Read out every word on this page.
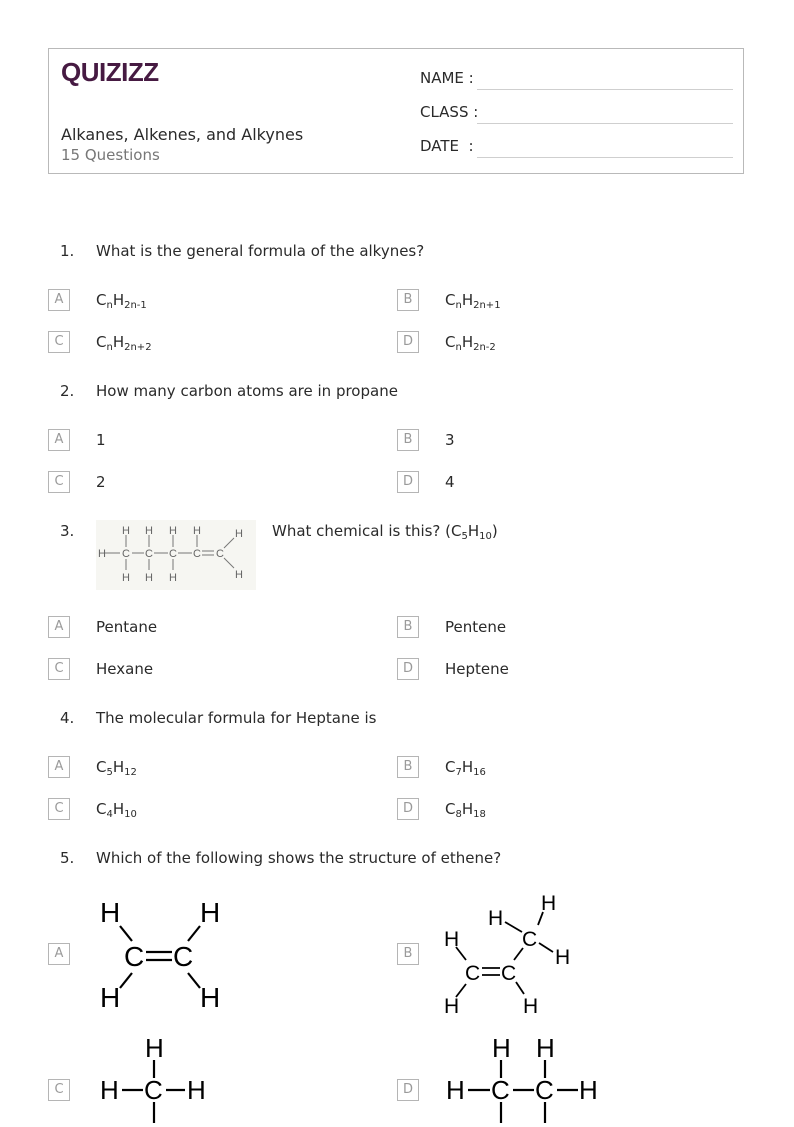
QUIZIZZ
Alkanes, Alkenes, and Alkynes
15 Questions
NAME :
CLASS :
DATE  :
1. What is the general formula of the alkynes?
A	$C_nH_{2n-1}$	B	$C_nH_{2n+1}$
C	$C_nH_{2n+2}$	D	$C_nH_{2n-2}$
2. How many carbon atoms are in propane
A	1	B	3
C	2	D	4
3.
H C C C C C
H H H H
H H H
H
H
What chemical is this? $(C_5H_{10})$
A	Pentane	B	Pentene
C	Hexane	D	Heptene
4. The molecular formula for Heptane is
A	$C_5H_{12}$	B	$C_7H_{16}$
C	$C_4H_{10}$	D	$C_8H_{18}$
5. Which of the following shows the structure of ethene?
A
H	H
C C
H	H
B
H
H
H
C
H
C C
H	H
C
H
H C H	D
H H
H C C H
